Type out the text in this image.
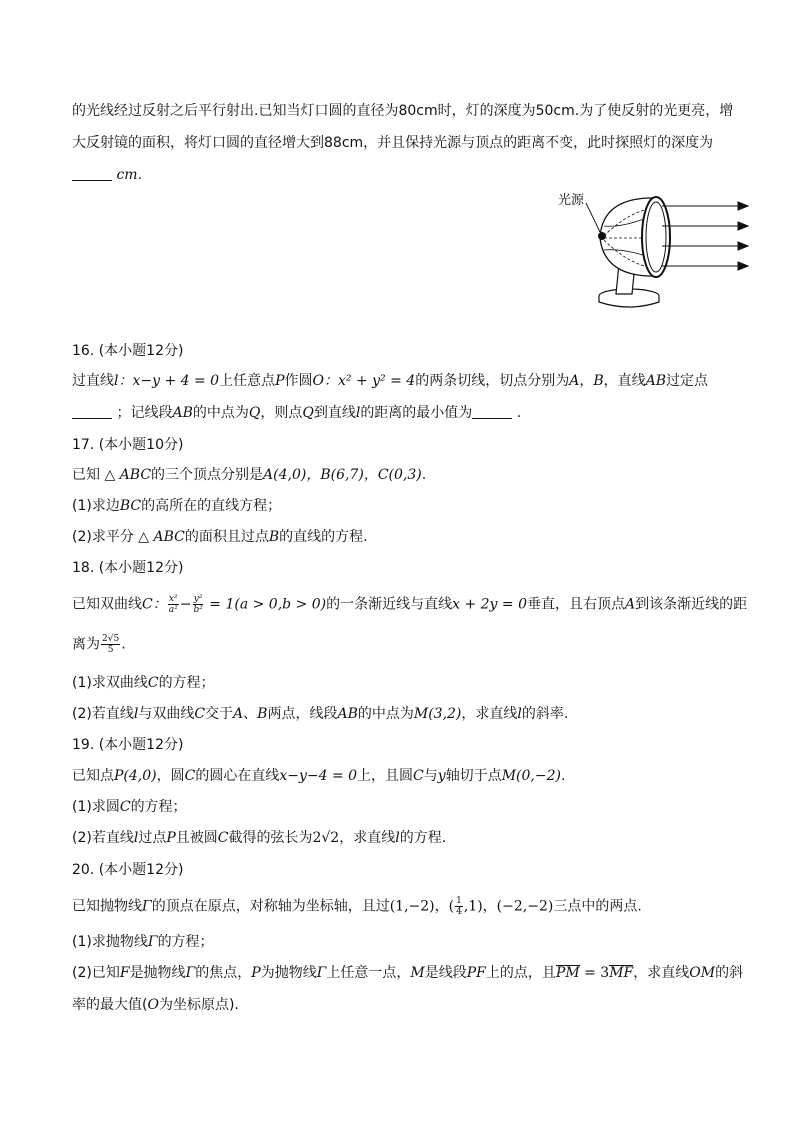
的光线经过反射之后平行射出.已知当灯口圆的直径为80cm时，灯的深度为50cm.为了使反射的光更亮，增
大反射镜的面积，将灯口圆的直径增大到88cm，并且保持光源与顶点的距离不变，此时探照灯的深度为
cm.
光源
16. (本小题12分)
过直线l：x−y + 4 = 0上任意点P作圆O：x² + y² = 4的两条切线，切点分别为A，B，直线AB过定点
；记线段AB的中点为Q，则点Q到直线l的距离的最小值为	.
17. (本小题10分)
已知 △ ABC的三个顶点分别是A(4,0)，B(6,7)，C(0,3).
(1)求边BC的高所在的直线方程；
(2)求平分 △ ABC的面积且过点B的直线的方程.
18. (本小题12分)
已知双曲线C： $\frac{\text{x²}}{\text{a²}} - \frac{\text{y²}}{\text{b²}} = 1(a > 0,b > 0)$的一条渐近线与直线x + 2y = 0垂直，且右顶点A到该条渐近线的距
离为 $\frac{2√5}{5}$ .
(1)求双曲线C的方程；
(2)若直线l与双曲线C交于A、B两点，线段AB的中点为M(3,2)，求直线l的斜率.
19. (本小题12分)
已知点P(4,0)，圆C的圆心在直线x−y−4 = 0上，且圆C与y轴切于点M(0,−2).
(1)求圆C的方程；
(2)若直线l过点P且被圆C截得的弦长为2√2，求直线l的方程.
20. (本小题12分)
已知抛物线Γ的顶点在原点，对称轴为坐标轴，且过(1,−2)，( $\frac{1}{4} ,1$)，(−2,−2)三点中的两点.
(1)求抛物线Γ的方程；
(2)已知F是抛物线Γ的焦点，P为抛物线Γ上任意一点，M是线段PF上的点，且PM = 3MF，求直线OM的斜
率的最大值(O为坐标原点).
